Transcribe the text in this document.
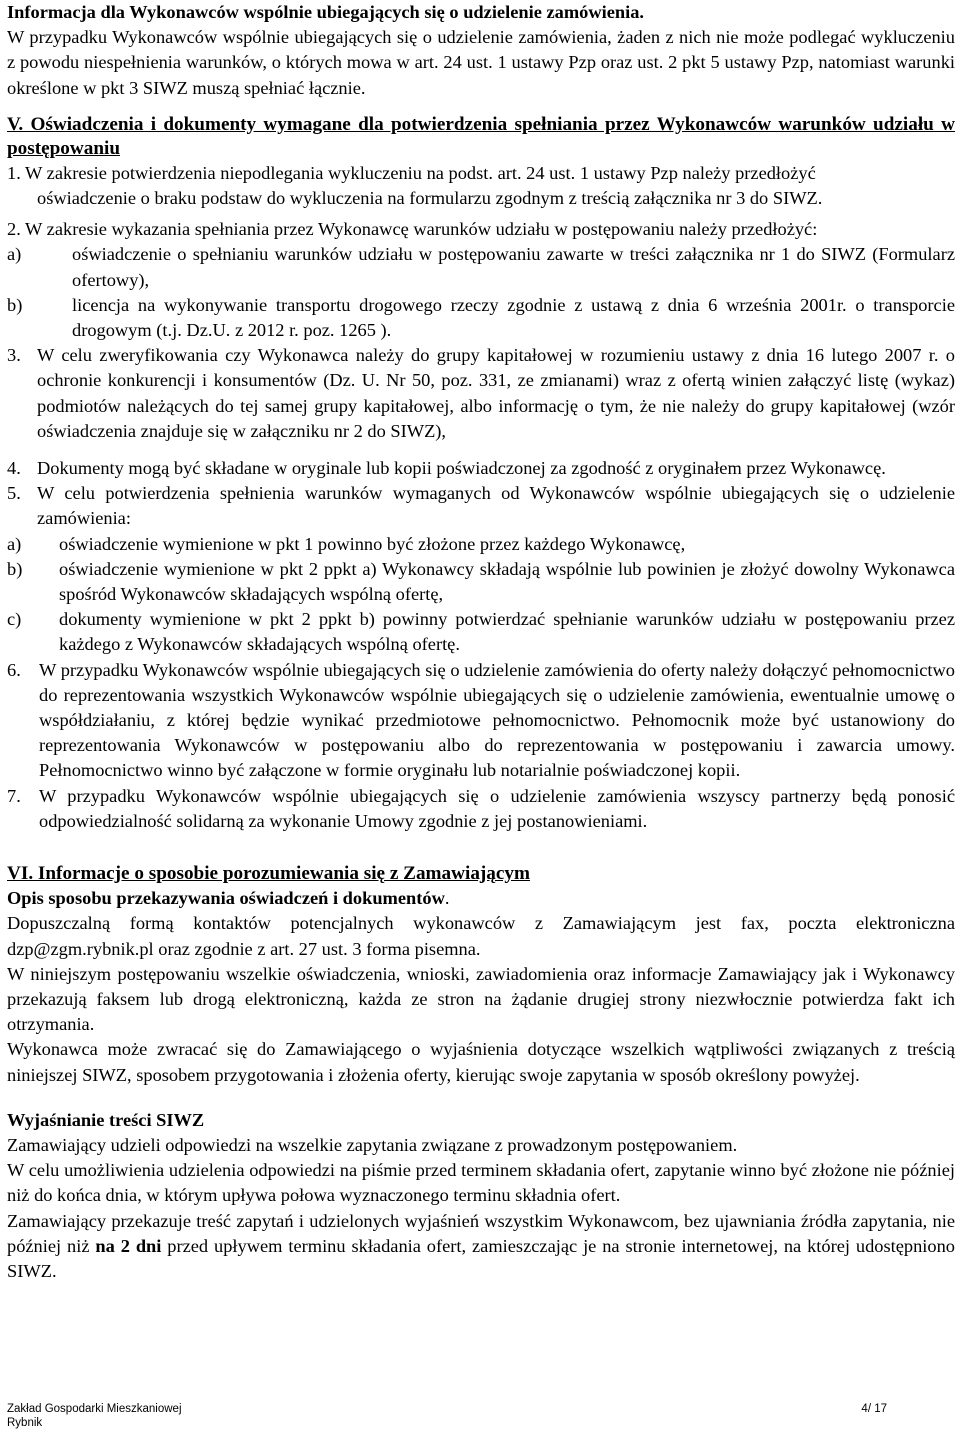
Informacja dla Wykonawców wspólnie ubiegających się o udzielenie zamówienia.

W przypadku Wykonawców wspólnie ubiegających się o udzielenie zamówienia, żaden z nich nie może podlegać wykluczeniu z powodu niespełnienia warunków, o których mowa w art. 24 ust. 1 ustawy Pzp oraz ust. 2 pkt 5 ustawy Pzp, natomiast warunki określone w pkt 3 SIWZ muszą spełniać łącznie.

V. Oświadczenia i dokumenty wymagane dla potwierdzenia spełniania przez Wykonawców warunków udziału w postępowaniu

1. W zakresie potwierdzenia niepodlegania wykluczeniu na podst. art. 24 ust. 1 ustawy Pzp należy przedłożyć

oświadczenie o braku podstaw do wykluczenia na formularzu zgodnym z treścią załącznika nr 3 do SIWZ.

2. W zakresie wykazania spełniania przez Wykonawcę warunków udziału w postępowaniu należy przedłożyć:

a)	oświadczenie o spełnianiu warunków udziału w postępowaniu zawarte w treści załącznika nr 1 do SIWZ (Formularz ofertowy),
b)	licencja na wykonywanie transportu drogowego rzeczy zgodnie z ustawą z dnia 6 września 2001r. o transporcie drogowym (t.j. Dz.U. z 2012 r. poz. 1265 ).
3. W celu zweryfikowania czy Wykonawca należy do grupy kapitałowej w rozumieniu ustawy z dnia 16 lutego 2007 r. o ochronie konkurencji i konsumentów (Dz. U. Nr 50, poz. 331, ze zmianami) wraz z ofertą winien załączyć listę (wykaz) podmiotów należących do tej samej grupy kapitałowej, albo informację o tym, że nie należy do grupy kapitałowej (wzór oświadczenia znajduje się w załączniku nr 2 do SIWZ),
4. Dokumenty mogą być składane w oryginale lub kopii poświadczonej za zgodność z oryginałem przez Wykonawcę.
5. W celu potwierdzenia spełnienia warunków wymaganych od Wykonawców wspólnie ubiegających się o udzielenie zamówienia:
a)	oświadczenie wymienione w pkt 1 powinno być złożone przez każdego Wykonawcę,
b)	oświadczenie wymienione w pkt 2 ppkt a) Wykonawcy składają wspólnie lub powinien je złożyć dowolny Wykonawca spośród Wykonawców składających wspólną ofertę,
c)	dokumenty wymienione w pkt 2 ppkt b) powinny potwierdzać spełnianie warunków udziału w postępowaniu przez każdego z Wykonawców składających wspólną ofertę.
6. W przypadku Wykonawców wspólnie ubiegających się o udzielenie zamówienia do oferty należy dołączyć pełnomocnictwo do reprezentowania wszystkich Wykonawców wspólnie ubiegających się o udzielenie zamówienia, ewentualnie umowę o współdziałaniu, z której będzie wynikać przedmiotowe pełnomocnictwo. Pełnomocnik może być ustanowiony do reprezentowania Wykonawców w postępowaniu albo do reprezentowania w postępowaniu i zawarcia umowy. Pełnomocnictwo winno być załączone w formie oryginału lub notarialnie poświadczonej kopii.
7. W przypadku Wykonawców wspólnie ubiegających się o udzielenie zamówienia wszyscy partnerzy będą ponosić odpowiedzialność solidarną za wykonanie Umowy zgodnie z jej postanowieniami.

VI. Informacje o sposobie porozumiewania się z Zamawiającym

Opis sposobu przekazywania oświadczeń i dokumentów.

Dopuszczalną formą kontaktów potencjalnych wykonawców z Zamawiającym jest fax, poczta elektroniczna dzp@zgm.rybnik.pl oraz zgodnie z art. 27 ust. 3 forma pisemna.

W niniejszym postępowaniu wszelkie oświadczenia, wnioski, zawiadomienia oraz informacje Zamawiający jak i Wykonawcy przekazują faksem lub drogą elektroniczną, każda ze stron na żądanie drugiej strony niezwłocznie potwierdza fakt ich otrzymania.

Wykonawca może zwracać się do Zamawiającego o wyjaśnienia dotyczące wszelkich wątpliwości związanych z treścią niniejszej SIWZ, sposobem przygotowania i złożenia oferty, kierując swoje zapytania w sposób określony powyżej.

Wyjaśnianie treści SIWZ

Zamawiający udzieli odpowiedzi na wszelkie zapytania związane z prowadzonym postępowaniem.

W celu umożliwienia udzielenia odpowiedzi na piśmie przed terminem składania ofert, zapytanie winno być złożone nie później niż do końca dnia, w którym upływa połowa wyznaczonego terminu składnia ofert.

Zamawiający przekazuje treść zapytań i udzielonych wyjaśnień wszystkim Wykonawcom, bez ujawniania źródła zapytania, nie później niż na 2 dni przed upływem terminu składania ofert, zamieszczając je na stronie internetowej, na której udostępniono SIWZ.

Zakład Gospodarki Mieszkaniowej
Rybnik
4/ 17
